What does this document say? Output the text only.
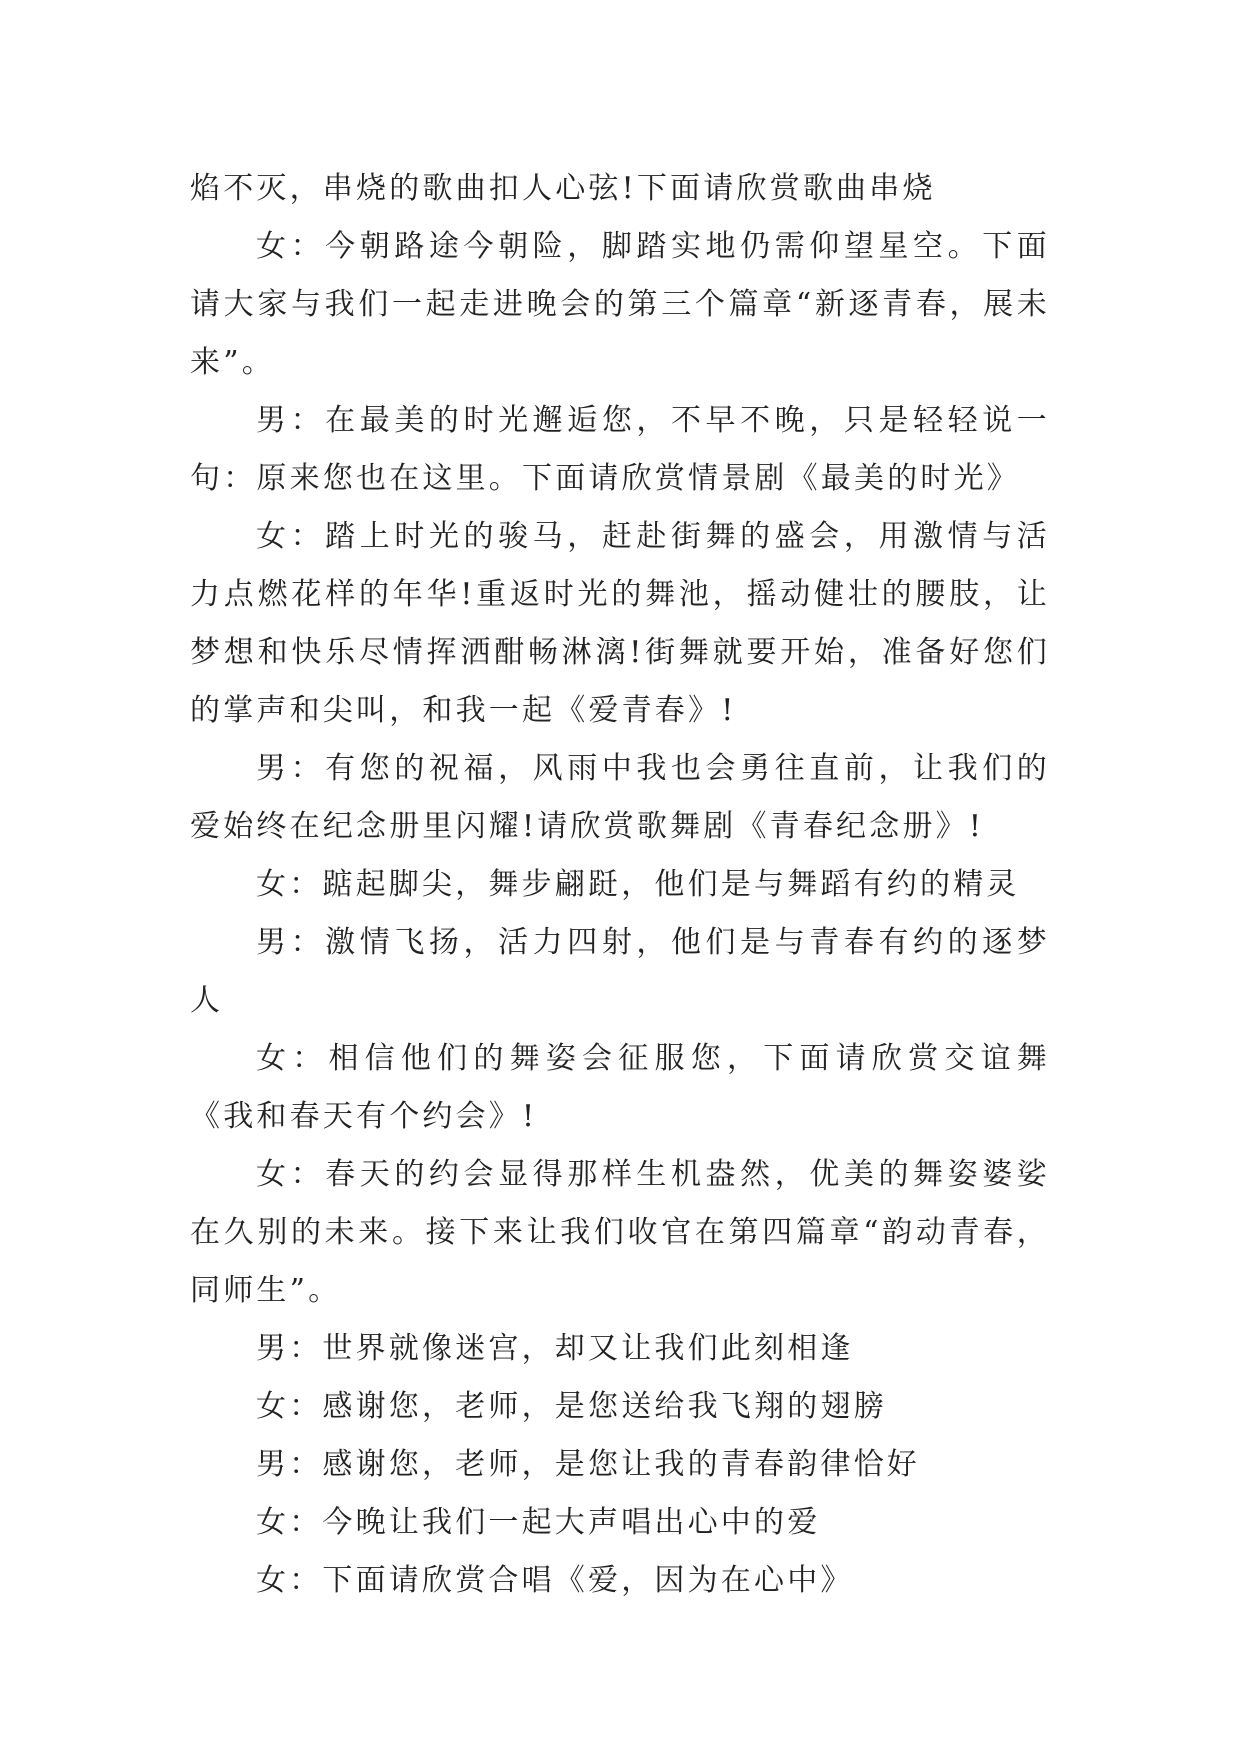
焰不灭，串烧的歌曲扣人心弦!下面请欣赏歌曲串烧

女：今朝路途今朝险，脚踏实地仍需仰望星空。下面请大家与我们一起走进晚会的第三个篇章“新逐青春，展未来”。

男：在最美的时光邂逅您，不早不晚，只是轻轻说一句：原来您也在这里。下面请欣赏情景剧《最美的时光》

女：踏上时光的骏马，赶赴街舞的盛会，用激情与活力点燃花样的年华!重返时光的舞池，摇动健壮的腰肢，让梦想和快乐尽情挥洒酣畅淋漓!街舞就要开始，准备好您们的掌声和尖叫，和我一起《爱青春》!

男：有您的祝福，风雨中我也会勇往直前，让我们的爱始终在纪念册里闪耀!请欣赏歌舞剧《青春纪念册》!

女：踮起脚尖，舞步翩跹，他们是与舞蹈有约的精灵

男：激情飞扬，活力四射，他们是与青春有约的逐梦人

女：相信他们的舞姿会征服您，下面请欣赏交谊舞《我和春天有个约会》!

女：春天的约会显得那样生机盎然，优美的舞姿婆娑在久别的未来。接下来让我们收官在第四篇章“韵动青春，同师生”。

男：世界就像迷宫，却又让我们此刻相逢

女：感谢您，老师，是您送给我飞翔的翅膀

男：感谢您，老师，是您让我的青春韵律恰好

女：今晚让我们一起大声唱出心中的爱

女：下面请欣赏合唱《爱，因为在心中》
